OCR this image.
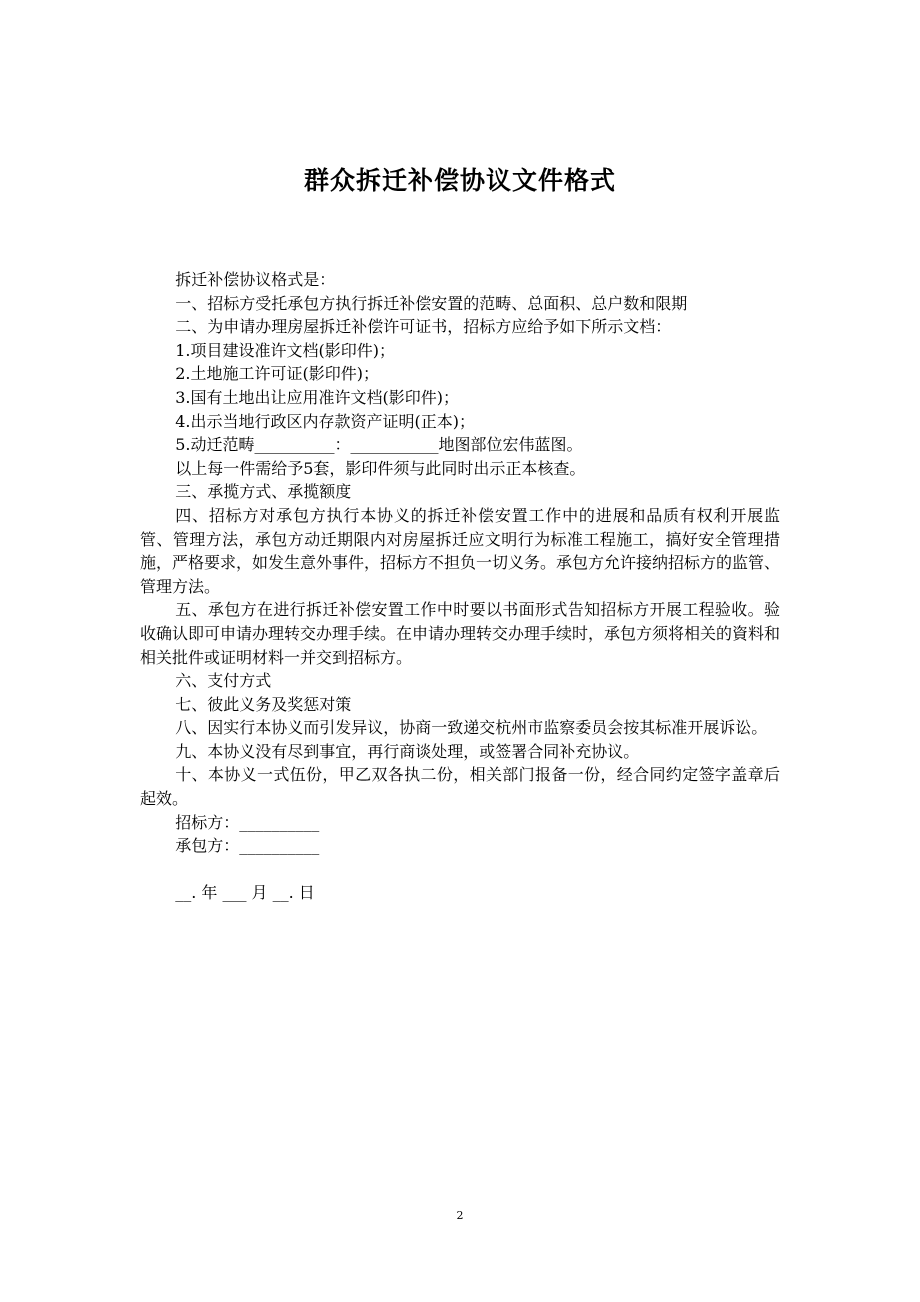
群众拆迁补偿协议文件格式

拆迁补偿协议格式是：

一、招标方受托承包方执行拆迁补偿安置的范畴、总面积、总户数和限期

二、为申请办理房屋拆迁补偿许可证书，招标方应给予如下所示文档：

1.项目建设准许文档(影印件)；

2.土地施工许可证(影印件)；

3.国有土地出让应用准许文档(影印件)；

4.出示当地行政区内存款资产证明(正本)；

5.动迁范畴__________：___________地图部位宏伟蓝图。

以上每一件需给予5套，影印件须与此同时出示正本核查。

三、承揽方式、承揽额度

四、招标方对承包方执行本协义的拆迁补偿安置工作中的进展和品质有权利开展监管、管理方法，承包方动迁期限内对房屋拆迁应文明行为标准工程施工，搞好安全管理措施，严格要求，如发生意外事件，招标方不担负一切义务。承包方允许接纳招标方的监管、管理方法。

五、承包方在进行拆迁补偿安置工作中时要以书面形式告知招标方开展工程验收。验收确认即可申请办理转交办理手续。在申请办理转交办理手续时，承包方须将相关的資料和相关批件或证明材料一并交到招标方。

六、支付方式

七、彼此义务及奖惩对策

八、因实行本协义而引发异议，协商一致递交杭州市监察委员会按其标准开展诉讼。

九、本协义没有尽到事宜，再行商谈处理，或签署合同补充协议。

十、本协义一式伍份，甲乙双各执二份，相关部门报备一份，经合同约定签字盖章后起效。

招标方：__________

承包方：__________

__. 年 ___ 月 __. 日

2
